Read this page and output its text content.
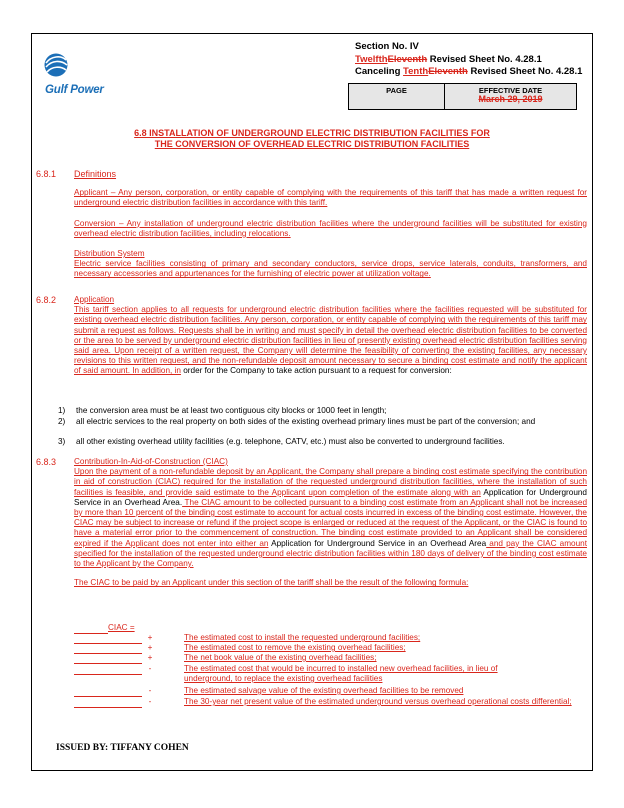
Gulf Power
Section No. IV
TwelfthEleventh Revised Sheet No. 4.28.1
Canceling TenthEleventh Revised Sheet No. 4.28.1
PAGE	EFFECTIVE DATE
March 29, 2019
6.8 INSTALLATION OF UNDERGROUND ELECTRIC DISTRIBUTION FACILITIES FOR
THE CONVERSION OF OVERHEAD ELECTRIC DISTRIBUTION FACILITIES
6.8.1 Definitions

Applicant – Any person, corporation, or entity capable of complying with the requirements of this tariff that has made a written request for underground electric distribution facilities in accordance with this tariff.

Conversion – Any installation of underground electric distribution facilities where the underground facilities will be substituted for existing overhead electric distribution facilities, including relocations.

Distribution System

Electric service facilities consisting of primary and secondary conductors, service drops, service laterals, conduits, transformers, and necessary accessories and appurtenances for the furnishing of electric power at utilization voltage.

6.8.2 Application

This tariff section applies to all requests for underground electric distribution facilities where the facilities requested will be substituted for existing overhead electric distribution facilities. Any person, corporation, or entity capable of complying with the requirements of this tariff may submit a request as follows. Requests shall be in writing and must specify in detail the overhead electric distribution facilities to be converted or the area to be served by underground electric distribution facilities in lieu of presently existing overhead electric distribution facilities serving said area. Upon receipt of a written request, the Company will determine the feasibility of converting the existing facilities, any necessary revisions to this written request, and the non-refundable deposit amount necessary to secure a binding cost estimate and notify the applicant of said amount. In addition, in order for the Company to take action pursuant to a request for conversion:

1)	the conversion area must be at least two contiguous city blocks or 1000 feet in length;
2)	all electric services to the real property on both sides of the existing overhead primary lines must be part of the conversion; and
3)	all other existing overhead utility facilities (e.g. telephone, CATV, etc.) must also be converted to underground facilities.
6.8.3 Contribution-In-Aid-of-Construction (CIAC)

Upon the payment of a non-refundable deposit by an Applicant, the Company shall prepare a binding cost estimate specifying the contribution in aid of construction (CIAC) required for the installation of the requested underground distribution facilities, where the installation of such facilities is feasible, and provide said estimate to the Applicant upon completion of the estimate along with an Application for Underground Service in an Overhead Area. The CIAC amount to be collected pursuant to a binding cost estimate from an Applicant shall not be increased by more than 10 percent of the binding cost estimate to account for actual costs incurred in excess of the binding cost estimate. However, the CIAC may be subject to increase or refund if the project scope is enlarged or reduced at the request of the Applicant, or the CIAC is found to have a material error prior to the commencement of construction. The binding cost estimate provided to an Applicant shall be considered expired if the Applicant does not enter into either an Application for Underground Service in an Overhead Area and pay the CIAC amount specified for the installation of the requested underground electric distribution facilities within 180 days of delivery of the binding cost estimate to the Applicant by the Company.

The CIAC to be paid by an Applicant under this section of the tariff shall be the result of the following formula:

CIAC =
+	The estimated cost to install the requested underground facilities;
+	The estimated cost to remove the existing overhead facilities;
+	The net book value of the existing overhead facilities;
-	The estimated cost that would be incurred to installed new overhead facilities, in lieu of underground, to replace the existing overhead facilities
-	The estimated salvage value of the existing overhead facilities to be removed
-	The 30-year net present value of the estimated underground versus overhead operational costs differential;
ISSUED BY: TIFFANY COHEN
